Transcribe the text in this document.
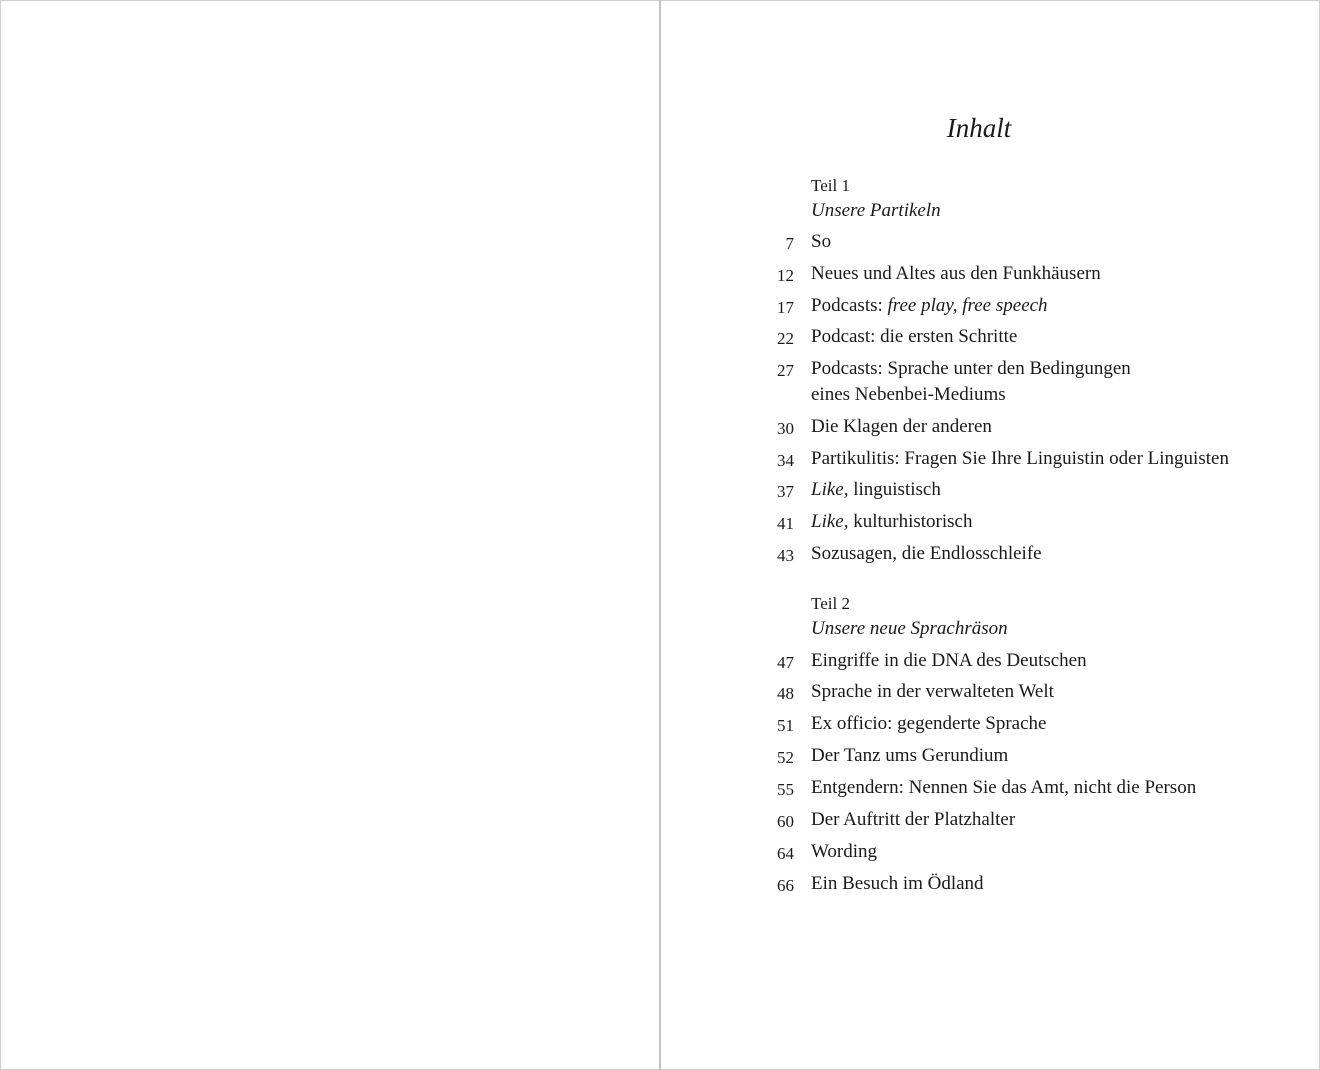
Inhalt
Teil 1
Unsere Partikeln
7 So
12 Neues und Altes aus den Funkhäusern
17 Podcasts: free play, free speech
22 Podcast: die ersten Schritte
27 Podcasts: Sprache unter den Bedingungen
eines Nebenbei-Mediums
30 Die Klagen der anderen
34 Partikulitis: Fragen Sie Ihre Linguistin oder Linguisten
37 Like, linguistisch
41 Like, kulturhistorisch
43 Sozusagen, die Endlosschleife
Teil 2
Unsere neue Sprachräson
47 Eingriffe in die DNA des Deutschen
48 Sprache in der verwalteten Welt
51 Ex officio: gegenderte Sprache
52 Der Tanz ums Gerundium
55 Entgendern: Nennen Sie das Amt, nicht die Person
60 Der Auftritt der Platzhalter
64 Wording
66 Ein Besuch im Ödland
